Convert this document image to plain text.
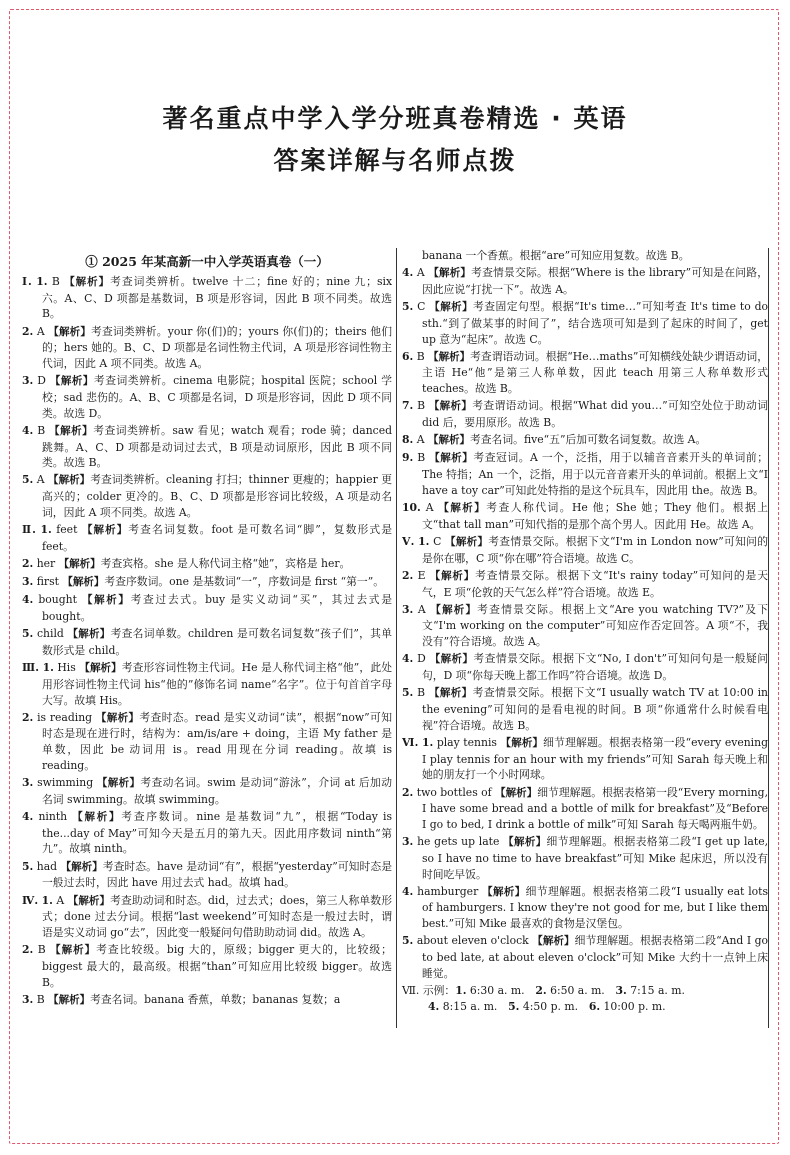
著名重点中学入学分班真卷精选 · 英语
答案详解与名师点拨
① 2025 年某高新一中入学英语真卷（一）
Ⅰ. 1. B 【解析】考查词类辨析。twelve 十二；fine 好的；nine 九；six 六。A、C、D 项都是基数词，B 项是形容词，因此 B 项不同类。故选 B。
2. A 【解析】考查词类辨析。your 你(们)的；yours 你(们)的；theirs 他们的；hers 她的。B、C、D 项都是名词性物主代词，A 项是形容词性物主代词，因此 A 项不同类。故选 A。
3. D 【解析】考查词类辨析。cinema 电影院；hospital 医院；school 学校；sad 悲伤的。A、B、C 项都是名词，D 项是形容词，因此 D 项不同类。故选 D。
4. B 【解析】考查词类辨析。saw 看见；watch 观看；rode 骑；danced 跳舞。A、C、D 项都是动词过去式，B 项是动词原形，因此 B 项不同类。故选 B。
5. A 【解析】考查词类辨析。cleaning 打扫；thinner 更瘦的；happier 更高兴的；colder 更冷的。B、C、D 项都是形容词比较级，A 项是动名词，因此 A 项不同类。故选 A。
Ⅱ. 1. feet 【解析】考查名词复数。foot 是可数名词“脚”，复数形式是 feet。
2. her 【解析】考查宾格。she 是人称代词主格“她”，宾格是 her。
3. first 【解析】考查序数词。one 是基数词“一”，序数词是 first “第一”。
4. bought 【解析】考查过去式。buy 是实义动词“买”，其过去式是 bought。
5. child 【解析】考查名词单数。children 是可数名词复数“孩子们”，其单数形式是 child。
Ⅲ. 1. His 【解析】考查形容词性物主代词。He 是人称代词主格“他”，此处用形容词性物主代词 his“他的”修饰名词 name“名字”。位于句首首字母大写。故填 His。
2. is reading 【解析】考查时态。read 是实义动词“读”，根据“now”可知时态是现在进行时，结构为：am/is/are + doing，主语 My father 是单数，因此 be 动词用 is。read 用现在分词 reading。故填 is reading。
3. swimming 【解析】考查动名词。swim 是动词“游泳”，介词 at 后加动名词 swimming。故填 swimming。
4. ninth 【解析】考查序数词。nine 是基数词“九”，根据“Today is the...day of May”可知今天是五月的第九天。因此用序数词 ninth“第九”。故填 ninth。
5. had 【解析】考查时态。have 是动词“有”，根据“yesterday”可知时态是一般过去时，因此 have 用过去式 had。故填 had。
Ⅳ. 1. A 【解析】考查助动词和时态。did，过去式；does，第三人称单数形式；done 过去分词。根据“last weekend”可知时态是一般过去时，谓语是实义动词 go“去”，因此变一般疑问句借助助动词 did。故选 A。
2. B 【解析】考查比较级。big 大的，原级；bigger 更大的，比较级；biggest 最大的，最高级。根据“than”可知应用比较级 bigger。故选 B。
3. B 【解析】考查名词。banana 香蕉，单数；bananas 复数；a
banana 一个香蕉。根据“are”可知应用复数。故选 B。
4. A 【解析】考查情景交际。根据“Where is the library”可知是在问路，因此应说“打扰一下”。故选 A。
5. C 【解析】考查固定句型。根据“It's time…”可知考查 It's time to do sth.“到了做某事的时间了”，结合选项可知是到了起床的时间了，get up 意为“起床”。故选 C。
6. B 【解析】考查谓语动词。根据“He…maths”可知横线处缺少谓语动词，主语 He“他”是第三人称单数，因此 teach 用第三人称单数形式 teaches。故选 B。
7. B 【解析】考查谓语动词。根据“What did you…”可知空处位于助动词 did 后，要用原形。故选 B。
8. A 【解析】考查名词。five“五”后加可数名词复数。故选 A。
9. B 【解析】考查冠词。A 一个，泛指，用于以辅音音素开头的单词前；The 特指；An 一个，泛指，用于以元音音素开头的单词前。根据上文“I have a toy car”可知此处特指的是这个玩具车，因此用 the。故选 B。
10. A 【解析】考查人称代词。He 他；She 她；They 他们。根据上文“that tall man”可知代指的是那个高个男人。因此用 He。故选 A。
Ⅴ. 1. C 【解析】考查情景交际。根据下文“I'm in London now”可知问的是你在哪，C 项“你在哪”符合语境。故选 C。
2. E 【解析】考查情景交际。根据下文“It's rainy today”可知问的是天气，E 项“伦敦的天气怎么样”符合语境。故选 E。
3. A 【解析】考查情景交际。根据上文“Are you watching TV?”及下文“I'm working on the computer”可知应作否定回答。A 项“不，我没有”符合语境。故选 A。
4. D 【解析】考查情景交际。根据下文“No, I don't”可知问句是一般疑问句，D 项“你每天晚上都工作吗”符合语境。故选 D。
5. B 【解析】考查情景交际。根据下文“I usually watch TV at 10:00 in the evening”可知问的是看电视的时间。B 项“你通常什么时候看电视”符合语境。故选 B。
Ⅵ. 1. play tennis 【解析】细节理解题。根据表格第一段“every evening I play tennis for an hour with my friends”可知 Sarah 每天晚上和她的朋友打一个小时网球。
2. two bottles of 【解析】细节理解题。根据表格第一段“Every morning, I have some bread and a bottle of milk for breakfast”及“Before I go to bed, I drink a bottle of milk”可知 Sarah 每天喝两瓶牛奶。
3. he gets up late 【解析】细节理解题。根据表格第二段“I get up late, so I have no time to have breakfast”可知 Mike 起床迟，所以没有时间吃早饭。
4. hamburger 【解析】细节理解题。根据表格第二段“I usually eat lots of hamburgers. I know they're not good for me, but I like them best.”可知 Mike 最喜欢的食物是汉堡包。
5. about eleven o'clock 【解析】细节理解题。根据表格第二段“And I go to bed late, at about eleven o'clock”可知 Mike 大约十一点钟上床睡觉。
Ⅶ. 示例：1. 6:30 a. m.  2. 6:50 a. m.  3. 7:15 a. m. 
4. 8:15 a. m.  5. 4:50 p. m.  6. 10:00 p. m. 
